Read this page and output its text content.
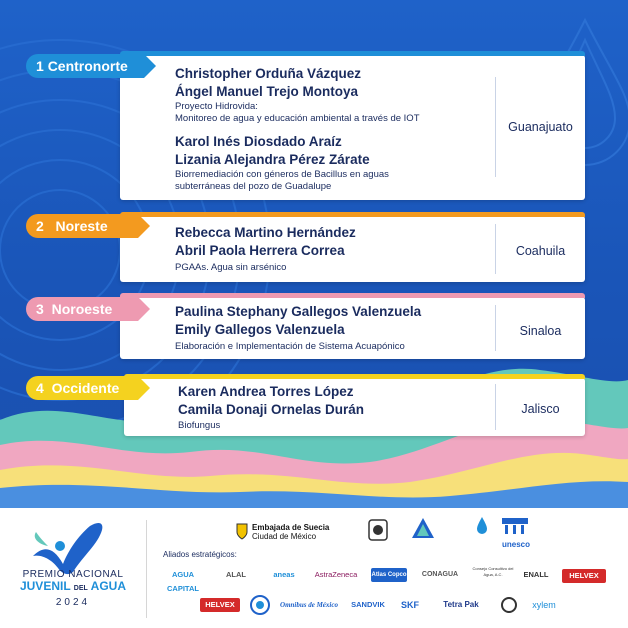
Christopher Orduña Vázquez
Ángel Manuel Trejo Montoya
Proyecto Hidrovida:
Monitoreo de agua y educación ambiental a través de IOT
Karol Inés Diosdado Araíz
Lizania Alejandra Pérez Zárate
Biorremediación con géneros de Bacillus en aguas
subterráneas del pozo de Guadalupe
Guanajuato
1 Centronorte
Rebecca Martino Hernández
Abril Paola Herrera Correa
PGAAs. Agua sin arsénico
Coahuila
2 Noreste
Paulina Stephany Gallegos Valenzuela
Emily Gallegos Valenzuela
Elaboración e Implementación de Sistema Acuapónico
Sinaloa
3 Noroeste
Karen Andrea Torres López
Camila Donaji Ornelas Durán
Biofungus
Jalisco
4 Occidente
PREMIO NACIONAL
JUVENIL DEL AGUA
2024
Embajada de Suecia
Ciudad de México
unesco
Aliados estratégicos:
AGUA CAPITAL
ALAL	aneas	AstraZeneca	Atlas Copco	CONAGUA
Consejo Consultivo del Agua, A.C.	ENALL	HELVEX
HELVEX	Omnibus de México	SANDVIK	SKF	Tetra Pak	xylem
